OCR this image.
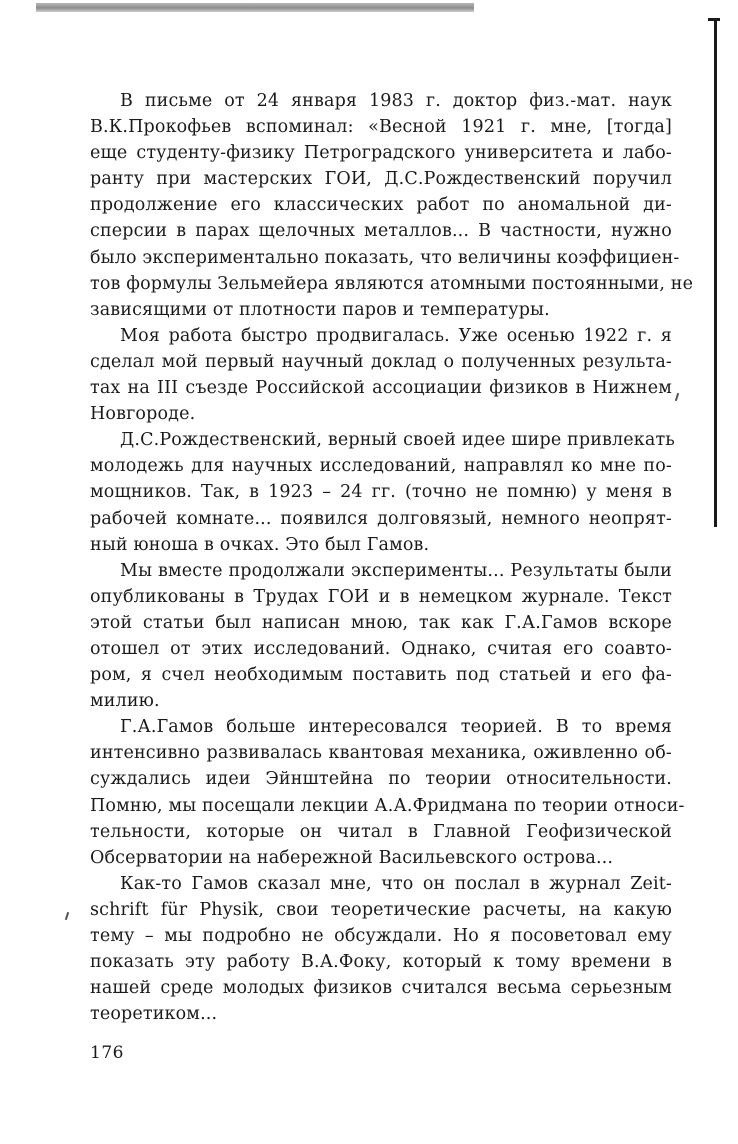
В письме от 24 января 1983 г. доктор физ.-мат. наук
В.К.Прокофьев вспоминал: «Весной 1921 г. мне, [тогда]
еще студенту-физику Петроградского университета и лабо-
ранту при мастерских ГОИ, Д.С.Рождественский поручил
продолжение его классических работ по аномальной ди-
сперсии в парах щелочных металлов... В частности, нужно
было экспериментально показать, что величины коэффициен-
тов формулы Зельмейера являются атомными постоянными, не
зависящими от плотности паров и температуры.
Моя работа быстро продвигалась. Уже осенью 1922 г. я
сделал мой первый научный доклад о полученных результа-
тах на III съезде Российской ассоциации физиков в Нижнем
Новгороде.
Д.С.Рождественский, верный своей идее шире привлекать
молодежь для научных исследований, направлял ко мне по-
мощников. Так, в 1923 – 24 гг. (точно не помню) у меня в
рабочей комнате... появился долговязый, немного неопрят-
ный юноша в очках. Это был Гамов.
Мы вместе продолжали эксперименты... Результаты были
опубликованы в Трудах ГОИ и в немецком журнале. Текст
этой статьи был написан мною, так как Г.А.Гамов вскоре
отошел от этих исследований. Однако, считая его соавто-
ром, я счел необходимым поставить под статьей и его фа-
милию.
Г.А.Гамов больше интересовался теорией. В то время
интенсивно развивалась квантовая механика, оживленно об-
суждались идеи Эйнштейна по теории относительности.
Помню, мы посещали лекции А.А.Фридмана по теории относи-
тельности, которые он читал в Главной Геофизической
Обсерватории на набережной Васильевского острова...
Как-то Гамов сказал мне, что он послал в журнал Zeit-
schrift für Physik, свои теоретические расчеты, на какую
тему – мы подробно не обсуждали. Но я посоветовал ему
показать эту работу В.А.Фоку, который к тому времени в
нашей среде молодых физиков считался весьма серьезным
теоретиком...
176
